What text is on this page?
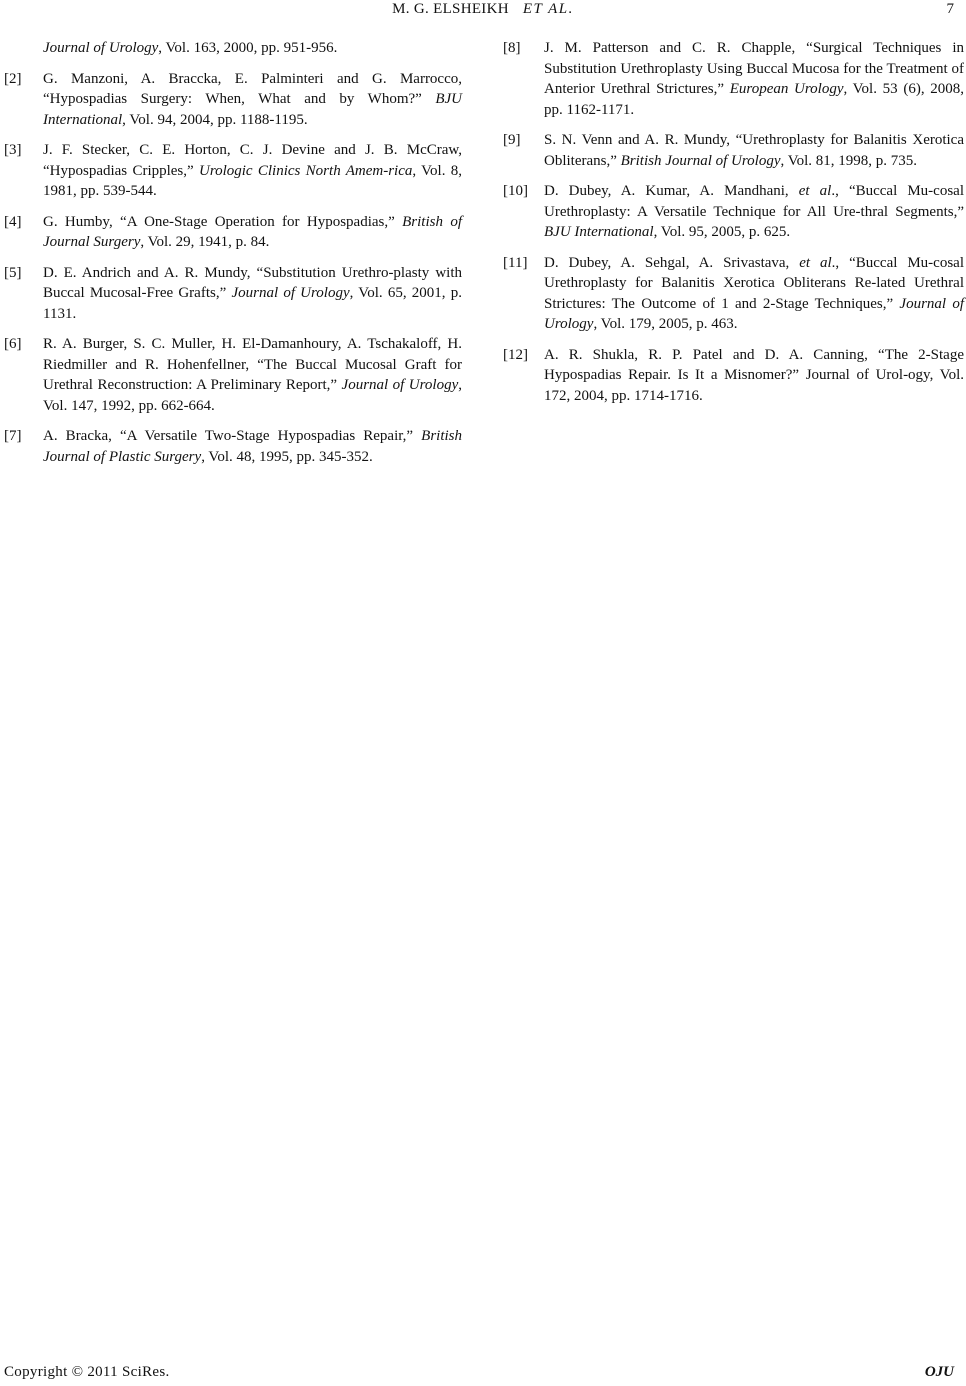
M. G. ELSHEIKH ET AL.	7
Journal of Urology, Vol. 163, 2000, pp. 951-956.
[2] G. Manzoni, A. Braccka, E. Palminteri and G. Marrocco, “Hypospadias Surgery: When, What and by Whom?” BJU International, Vol. 94, 2004, pp. 1188-1195.
[3] J. F. Stecker, C. E. Horton, C. J. Devine and J. B. McCraw, “Hypospadias Cripples,” Urologic Clinics North Amem-rica, Vol. 8, 1981, pp. 539-544.
[4] G. Humby, “A One-Stage Operation for Hypospadias,” British of Journal Surgery, Vol. 29, 1941, p. 84.
[5] D. E. Andrich and A. R. Mundy, “Substitution Urethro-plasty with Buccal Mucosal-Free Grafts,” Journal of Urology, Vol. 65, 2001, p. 1131.
[6] R. A. Burger, S. C. Muller, H. El-Damanhoury, A. Tschakaloff, H. Riedmiller and R. Hohenfellner, “The Buccal Mucosal Graft for Urethral Reconstruction: A Preliminary Report,” Journal of Urology, Vol. 147, 1992, pp. 662-664.
[7] A. Bracka, “A Versatile Two-Stage Hypospadias Repair,” British Journal of Plastic Surgery, Vol. 48, 1995, pp. 345-352.
[8] J. M. Patterson and C. R. Chapple, “Surgical Techniques in Substitution Urethroplasty Using Buccal Mucosa for the Treatment of Anterior Urethral Strictures,” European Urology, Vol. 53 (6), 2008, pp. 1162-1171.
[9] S. N. Venn and A. R. Mundy, “Urethroplasty for Balanitis Xerotica Obliterans,” British Journal of Urology, Vol. 81, 1998, p. 735.
[10] D. Dubey, A. Kumar, A. Mandhani, et al., “Buccal Mu-cosal Urethroplasty: A Versatile Technique for All Ure-thral Segments,” BJU International, Vol. 95, 2005, p. 625.
[11] D. Dubey, A. Sehgal, A. Srivastava, et al., “Buccal Mu-cosal Urethroplasty for Balanitis Xerotica Obliterans Re-lated Urethral Strictures: The Outcome of 1 and 2-Stage Techniques,” Journal of Urology, Vol. 179, 2005, p. 463.
[12] A. R. Shukla, R. P. Patel and D. A. Canning, “The 2-Stage Hypospadias Repair. Is It a Misnomer?” Journal of Urol-ogy, Vol. 172, 2004, pp. 1714-1716.
Copyright © 2011 SciRes.	OJU
